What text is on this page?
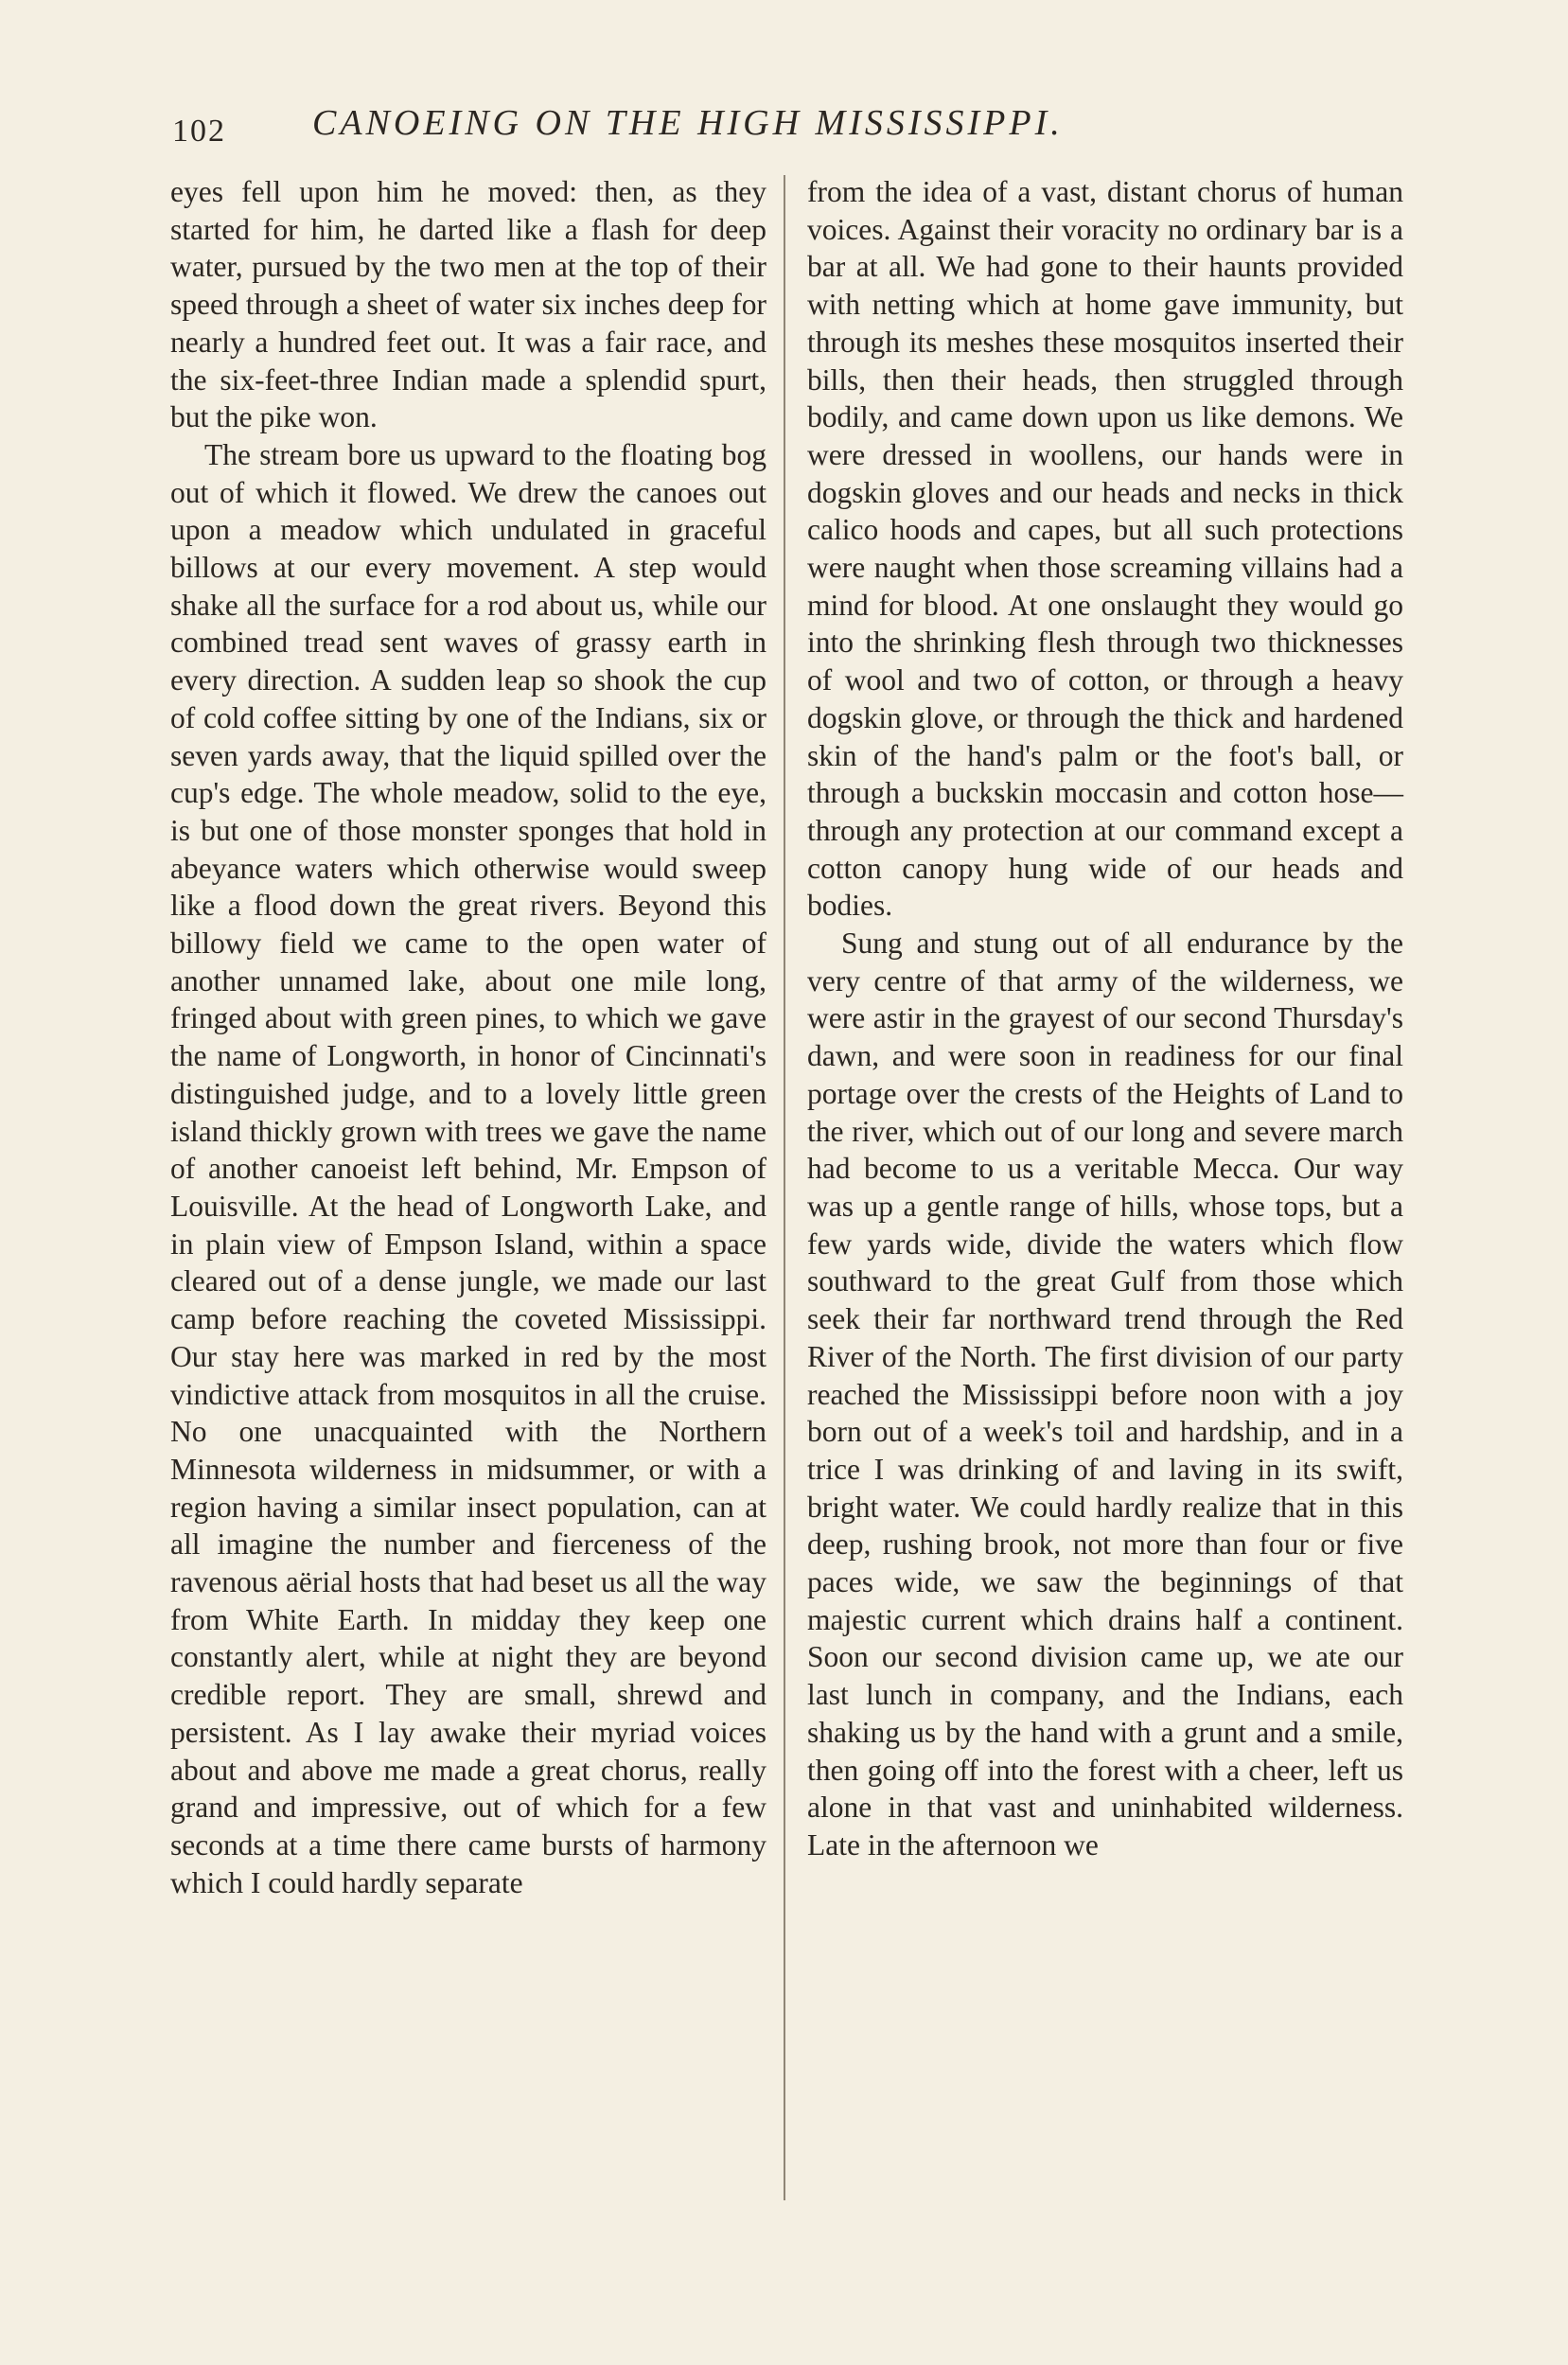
102 CANOEING ON THE HIGH MISSISSIPPI.

eyes fell upon him he moved: then, as they started for him, he darted like a flash for deep water, pursued by the two men at the top of their speed through a sheet of water six inches deep for nearly a hundred feet out. It was a fair race, and the six-feet-three Indian made a splendid spurt, but the pike won.

The stream bore us upward to the floating bog out of which it flowed. We drew the canoes out upon a meadow which undulated in graceful billows at our every movement. A step would shake all the surface for a rod about us, while our combined tread sent waves of grassy earth in every direction. A sudden leap so shook the cup of cold coffee sitting by one of the Indians, six or seven yards away, that the liquid spilled over the cup's edge. The whole meadow, solid to the eye, is but one of those monster sponges that hold in abeyance waters which otherwise would sweep like a flood down the great rivers. Beyond this billowy field we came to the open water of another unnamed lake, about one mile long, fringed about with green pines, to which we gave the name of Longworth, in honor of Cincinnati's distinguished judge, and to a lovely little green island thickly grown with trees we gave the name of another canoeist left behind, Mr. Empson of Louisville. At the head of Longworth Lake, and in plain view of Empson Island, within a space cleared out of a dense jungle, we made our last camp before reaching the coveted Mississippi. Our stay here was marked in red by the most vindictive attack from mosquitos in all the cruise. No one unacquainted with the Northern Minnesota wilderness in midsummer, or with a region having a similar insect population, can at all imagine the number and fierceness of the ravenous aërial hosts that had beset us all the way from White Earth. In midday they keep one constantly alert, while at night they are beyond credible report. They are small, shrewd and persistent. As I lay awake their myriad voices about and above me made a great chorus, really grand and impressive, out of which for a few seconds at a time there came bursts of harmony which I could hardly separate

from the idea of a vast, distant chorus of human voices. Against their voracity no ordinary bar is a bar at all. We had gone to their haunts provided with netting which at home gave immunity, but through its meshes these mosquitos inserted their bills, then their heads, then struggled through bodily, and came down upon us like demons. We were dressed in woollens, our hands were in dogskin gloves and our heads and necks in thick calico hoods and capes, but all such protections were naught when those screaming villains had a mind for blood. At one onslaught they would go into the shrinking flesh through two thicknesses of wool and two of cotton, or through a heavy dogskin glove, or through the thick and hardened skin of the hand's palm or the foot's ball, or through a buckskin moccasin and cotton hose—through any protection at our command except a cotton canopy hung wide of our heads and bodies.

Sung and stung out of all endurance by the very centre of that army of the wilderness, we were astir in the grayest of our second Thursday's dawn, and were soon in readiness for our final portage over the crests of the Heights of Land to the river, which out of our long and severe march had become to us a veritable Mecca. Our way was up a gentle range of hills, whose tops, but a few yards wide, divide the waters which flow southward to the great Gulf from those which seek their far northward trend through the Red River of the North. The first division of our party reached the Mississippi before noon with a joy born out of a week's toil and hardship, and in a trice I was drinking of and laving in its swift, bright water. We could hardly realize that in this deep, rushing brook, not more than four or five paces wide, we saw the beginnings of that majestic current which drains half a continent. Soon our second division came up, we ate our last lunch in company, and the Indians, each shaking us by the hand with a grunt and a smile, then going off into the forest with a cheer, left us alone in that vast and uninhabited wilderness. Late in the afternoon we
